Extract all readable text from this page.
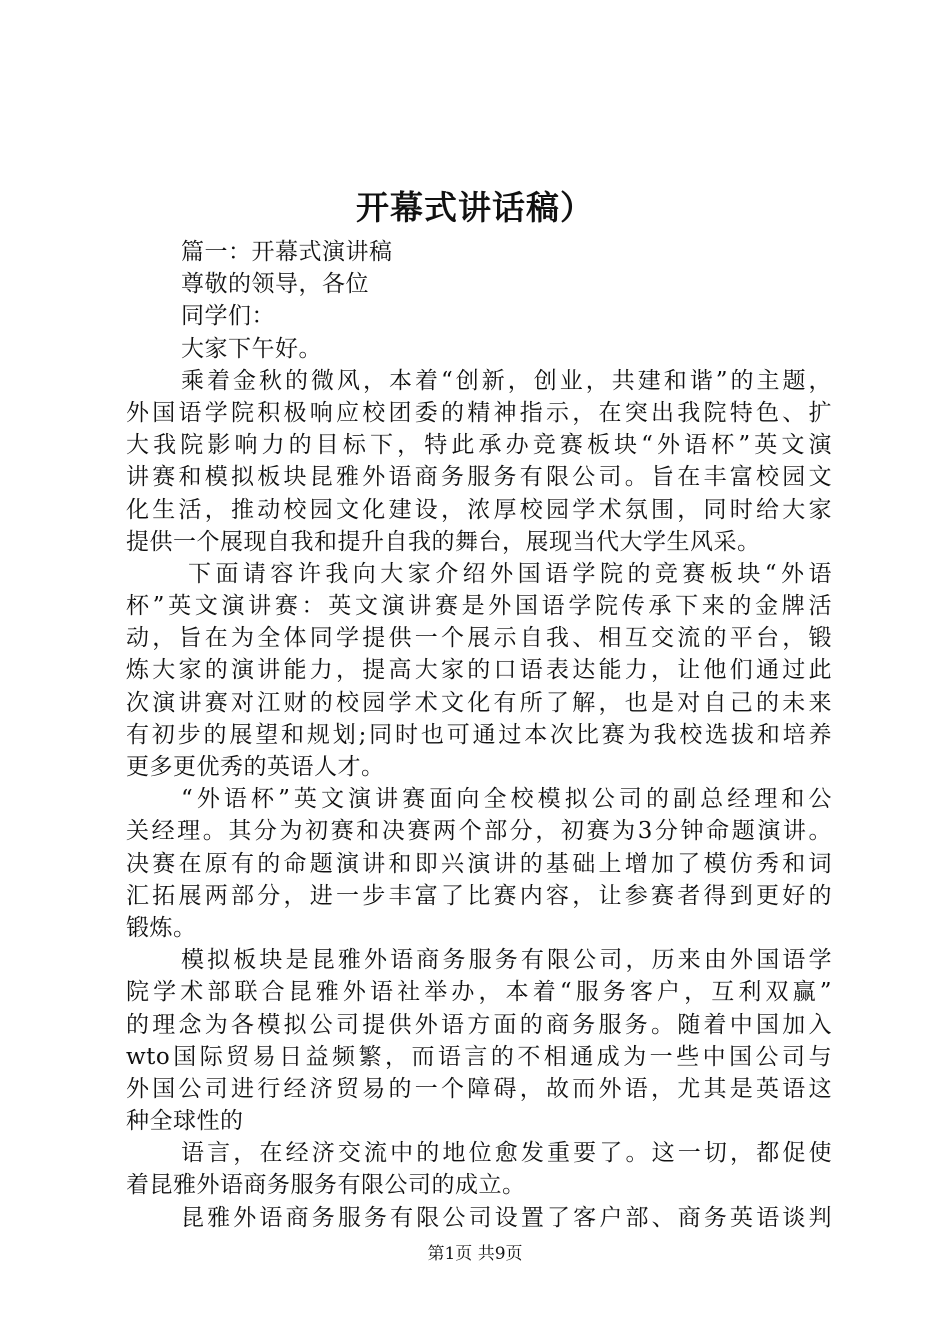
开幕式讲话稿）
篇一：开幕式演讲稿
尊敬的领导，各位
同学们：
大家下午好。
乘着金秋的微风，本着“创新，创业，共建和谐”的主题，
外国语学院积极响应校团委的精神指示，在突出我院特色、扩
大我院影响力的目标下，特此承办竞赛板块“外语杯”英文演
讲赛和模拟板块昆雅外语商务服务有限公司。旨在丰富校园文
化生活，推动校园文化建设，浓厚校园学术氛围，同时给大家
提供一个展现自我和提升自我的舞台，展现当代大学生风采。
下面请容许我向大家介绍外国语学院的竞赛板块“外语
杯”英文演讲赛：英文演讲赛是外国语学院传承下来的金牌活
动，旨在为全体同学提供一个展示自我、相互交流的平台，锻
炼大家的演讲能力，提高大家的口语表达能力，让他们通过此
次演讲赛对江财的校园学术文化有所了解，也是对自己的未来
有初步的展望和规划;同时也可通过本次比赛为我校选拔和培养
更多更优秀的英语人才。
“外语杯”英文演讲赛面向全校模拟公司的副总经理和公
关经理。其分为初赛和决赛两个部分，初赛为3分钟命题演讲。
决赛在原有的命题演讲和即兴演讲的基础上增加了模仿秀和词
汇拓展两部分，进一步丰富了比赛内容，让参赛者得到更好的
锻炼。
模拟板块是昆雅外语商务服务有限公司，历来由外国语学
院学术部联合昆雅外语社举办，本着“服务客户，互利双赢”
的理念为各模拟公司提供外语方面的商务服务。随着中国加入
wto国际贸易日益频繁，而语言的不相通成为一些中国公司与
外国公司进行经济贸易的一个障碍，故而外语，尤其是英语这
种全球性的
语言，在经济交流中的地位愈发重要了。这一切，都促使
着昆雅外语商务服务有限公司的成立。
昆雅外语商务服务有限公司设置了客户部、商务英语谈判
第1页 共9页
